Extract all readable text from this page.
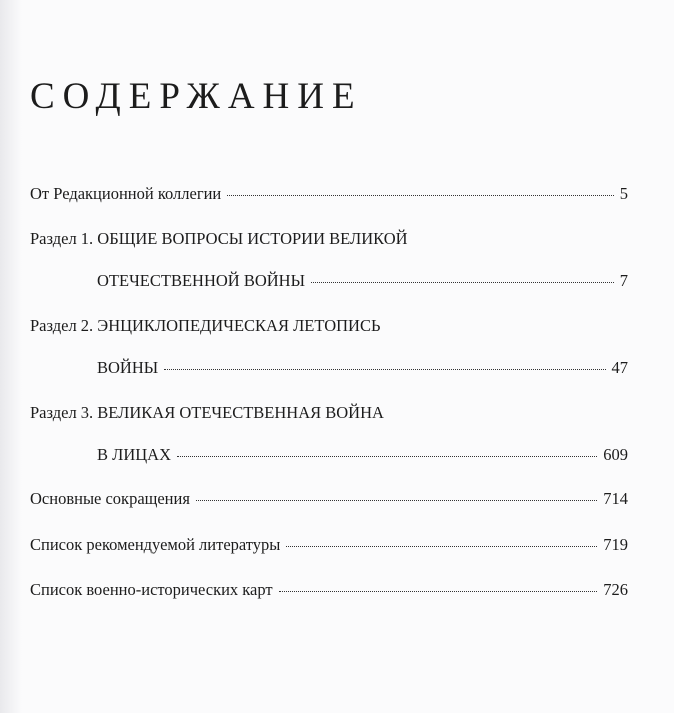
СОДЕРЖАНИЕ
От Редакционной коллегии	5
Раздел 1. ОБЩИЕ ВОПРОСЫ ИСТОРИИ ВЕЛИКОЙ
ОТЕЧЕСТВЕННОЙ ВОЙНЫ	7
Раздел 2. ЭНЦИКЛОПЕДИЧЕСКАЯ ЛЕТОПИСЬ
ВОЙНЫ	47
Раздел 3. ВЕЛИКАЯ ОТЕЧЕСТВЕННАЯ ВОЙНА
В ЛИЦАХ	609
Основные сокращения	714
Список рекомендуемой литературы	719
Список военно-исторических карт	726
